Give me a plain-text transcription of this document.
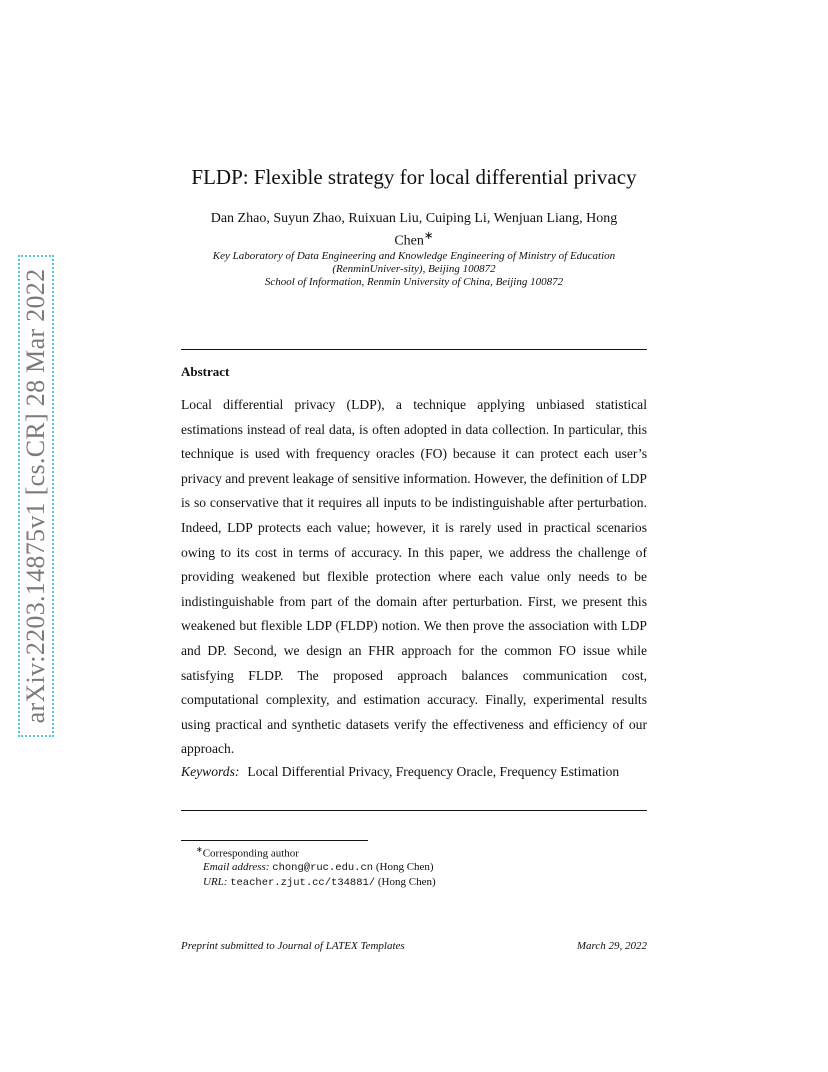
arXiv:2203.14875v1 [cs.CR] 28 Mar 2022
FLDP: Flexible strategy for local differential privacy
Dan Zhao, Suyun Zhao, Ruixuan Liu, Cuiping Li, Wenjuan Liang, Hong
Chen∗
Key Laboratory of Data Engineering and Knowledge Engineering of Ministry of Education
(RenminUniver-sity), Beijing 100872
School of Information, Renmin University of China, Beijing 100872
Abstract
Local differential privacy (LDP), a technique applying unbiased statistical estimations instead of real data, is often adopted in data collection. In particular, this technique is used with frequency oracles (FO) because it can protect each user’s privacy and prevent leakage of sensitive information. However, the definition of LDP is so conservative that it requires all inputs to be indistinguishable after perturbation. Indeed, LDP protects each value; however, it is rarely used in practical scenarios owing to its cost in terms of accuracy. In this paper, we address the challenge of providing weakened but flexible protection where each value only needs to be indistinguishable from part of the domain after perturbation. First, we present this weakened but flexible LDP (FLDP) notion. We then prove the association with LDP and DP. Second, we design an FHR approach for the common FO issue while satisfying FLDP. The proposed approach balances communication cost, computational complexity, and estimation accuracy. Finally, experimental results using practical and synthetic datasets verify the effectiveness and efficiency of our approach.
Keywords: Local Differential Privacy, Frequency Oracle, Frequency Estimation
∗Corresponding author
Email address: chong@ruc.edu.cn (Hong Chen)
URL: teacher.zjut.cc/t34881/ (Hong Chen)
Preprint submitted to Journal of LATEX Templates	March 29, 2022
